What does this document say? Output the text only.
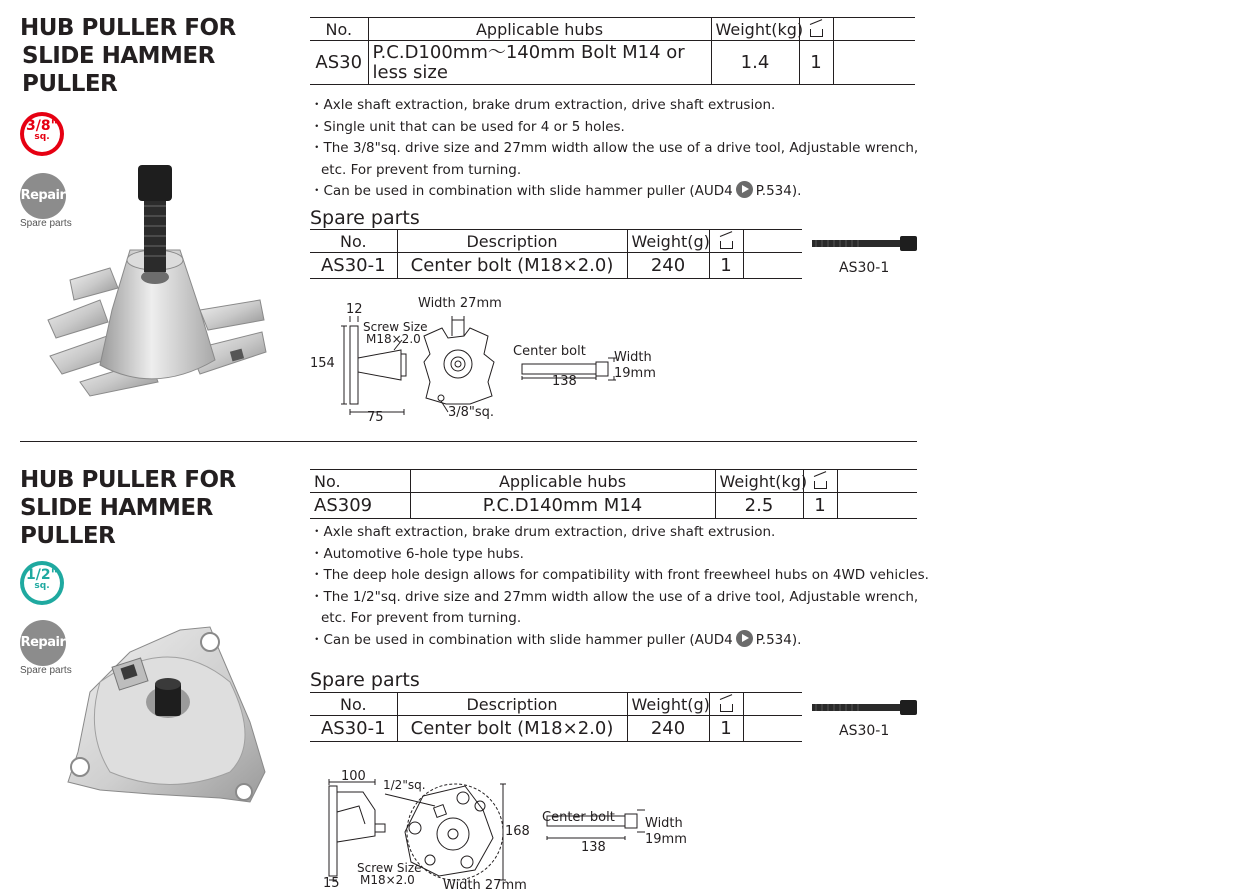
HUB PULLER FOR
SLIDE HAMMER
PULLER
3/8"
sq.
Repair
Spare parts
No.	Applicable hubs	Weight(kg)		
AS30	P.C.D100mm〜140mm Bolt M14 or less size	1.4	1	
・Axle shaft extraction, brake drum extraction, drive shaft extrusion.
・Single unit that can be used for 4 or 5 holes.
・The 3/8"sq. drive size and 27mm width allow the use of a drive tool, Adjustable wrench,
etc. For prevent from turning.
・Can be used in combination with slide hammer puller (AUD4 P.534).
Spare parts
No.	Description	Weight(g)		
AS30-1	Center bolt (M18×2.0)	240	1		AS30-1
12
154
75
Width 27mm
Screw Size
M18×2.0
3/8"sq.
Center bolt
138
Width
19mm
HUB PULLER FOR
SLIDE HAMMER
PULLER
1/2"
sq.
Repair
Spare parts
No.	Applicable hubs	Weight(kg)		
AS309	P.C.D140mm M14	2.5	1	
・Axle shaft extraction, brake drum extraction, drive shaft extrusion.
・Automotive 6-hole type hubs.
・The deep hole design allows for compatibility with front freewheel hubs on 4WD vehicles.
・The 1/2"sq. drive size and 27mm width allow the use of a drive tool, Adjustable wrench,
etc. For prevent from turning.
・Can be used in combination with slide hammer puller (AUD4 P.534).
Spare parts
No.	Description	Weight(g)		
AS30-1	Center bolt (M18×2.0)	240	1		AS30-1
100
168
15	Width 27mm
Screw Size
M18×2.0
1/2"sq.
Center bolt
138
Width
19mm
